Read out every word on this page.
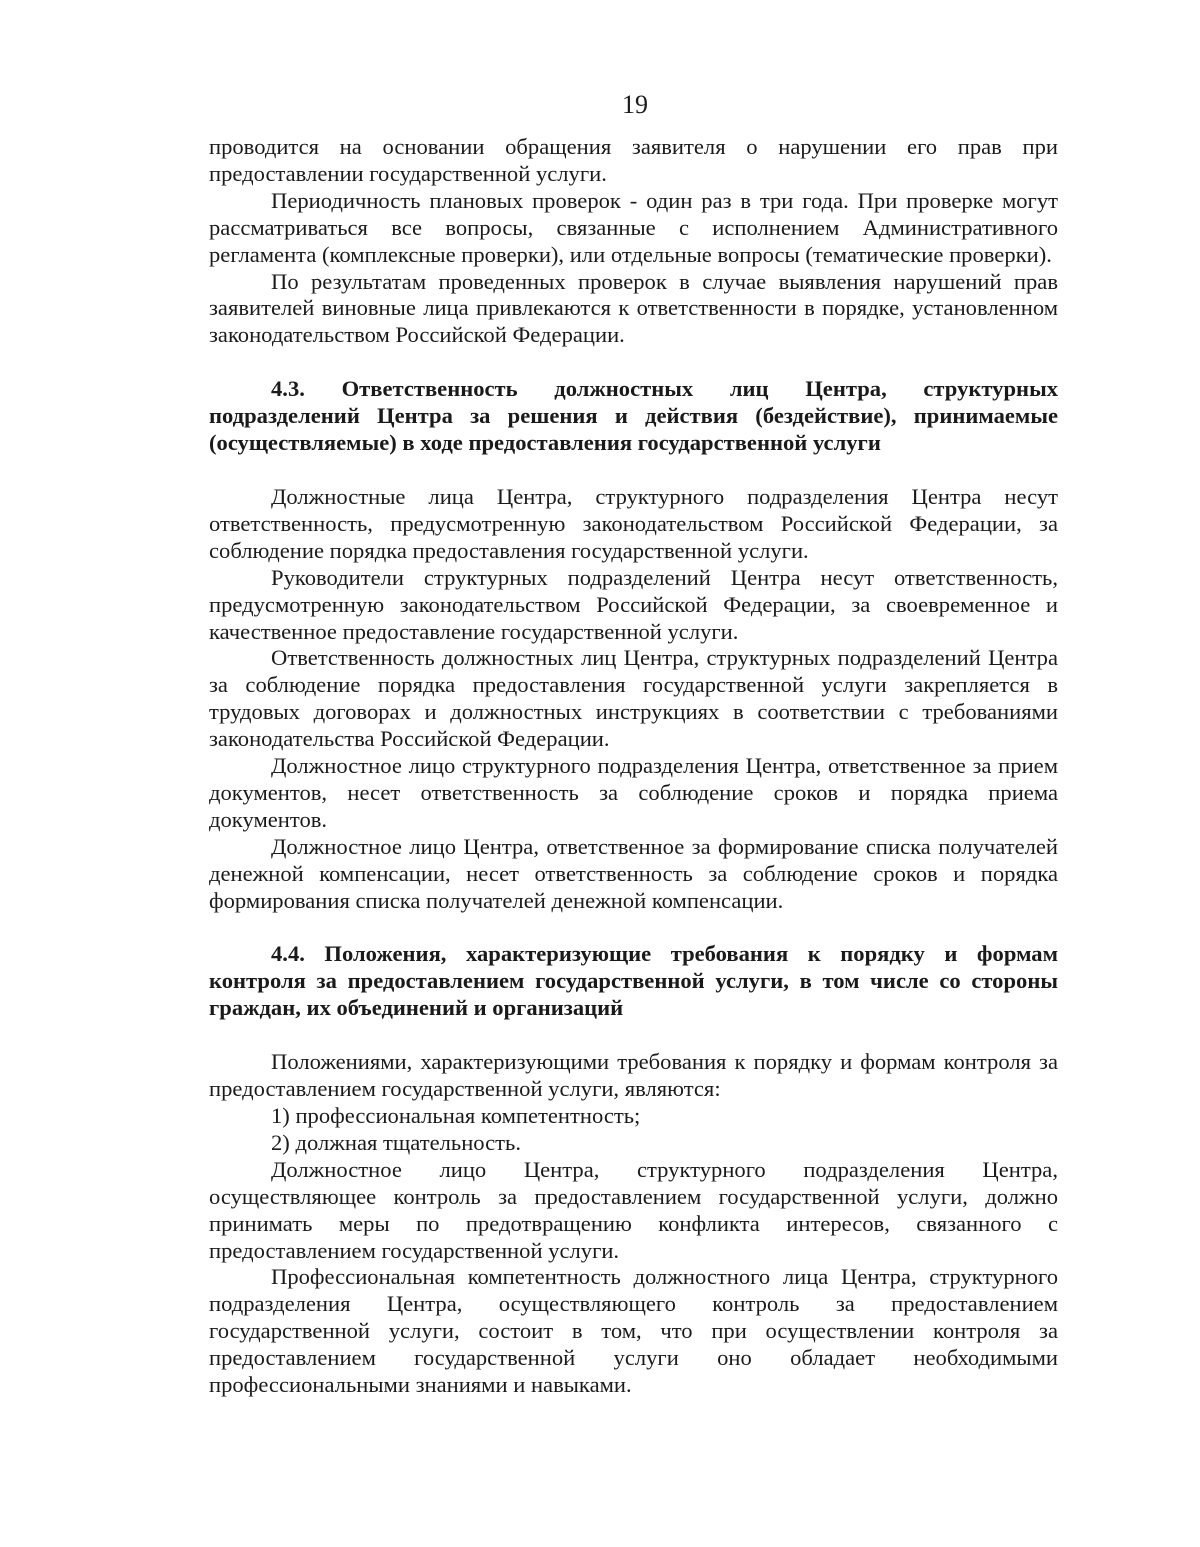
19

проводится на основании обращения заявителя о нарушении его прав при предоставлении государственной услуги.

Периодичность плановых проверок - один раз в три года. При проверке могут рассматриваться все вопросы, связанные с исполнением Административного регламента (комплексные проверки), или отдельные вопросы (тематические проверки).

По результатам проведенных проверок в случае выявления нарушений прав заявителей виновные лица привлекаются к ответственности в порядке, установленном законодательством Российской Федерации.

4.3. Ответственность должностных лиц Центра, структурных подразделений Центра за решения и действия (бездействие), принимаемые (осуществляемые) в ходе предоставления государственной услуги

Должностные лица Центра, структурного подразделения Центра несут ответственность, предусмотренную законодательством Российской Федерации, за соблюдение порядка предоставления государственной услуги.

Руководители структурных подразделений Центра несут ответственность, предусмотренную законодательством Российской Федерации, за своевременное и качественное предоставление государственной услуги.

Ответственность должностных лиц Центра, структурных подразделений Центра за соблюдение порядка предоставления государственной услуги закрепляется в трудовых договорах и должностных инструкциях в соответствии с требованиями законодательства Российской Федерации.

Должностное лицо структурного подразделения Центра, ответственное за прием документов, несет ответственность за соблюдение сроков и порядка приема документов.

Должностное лицо Центра, ответственное за формирование списка получателей денежной компенсации, несет ответственность за соблюдение сроков и порядка формирования списка получателей денежной компенсации.

4.4. Положения, характеризующие требования к порядку и формам контроля за предоставлением государственной услуги, в том числе со стороны граждан, их объединений и организаций

Положениями, характеризующими требования к порядку и формам контроля за предоставлением государственной услуги, являются:

1) профессиональная компетентность;

2) должная тщательность.

Должностное лицо Центра, структурного подразделения Центра, осуществляющее контроль за предоставлением государственной услуги, должно принимать меры по предотвращению конфликта интересов, связанного с предоставлением государственной услуги.

Профессиональная компетентность должностного лица Центра, структурного подразделения Центра, осуществляющего контроль за предоставлением государственной услуги, состоит в том, что при осуществлении контроля за предоставлением государственной услуги оно обладает необходимыми профессиональными знаниями и навыками.
